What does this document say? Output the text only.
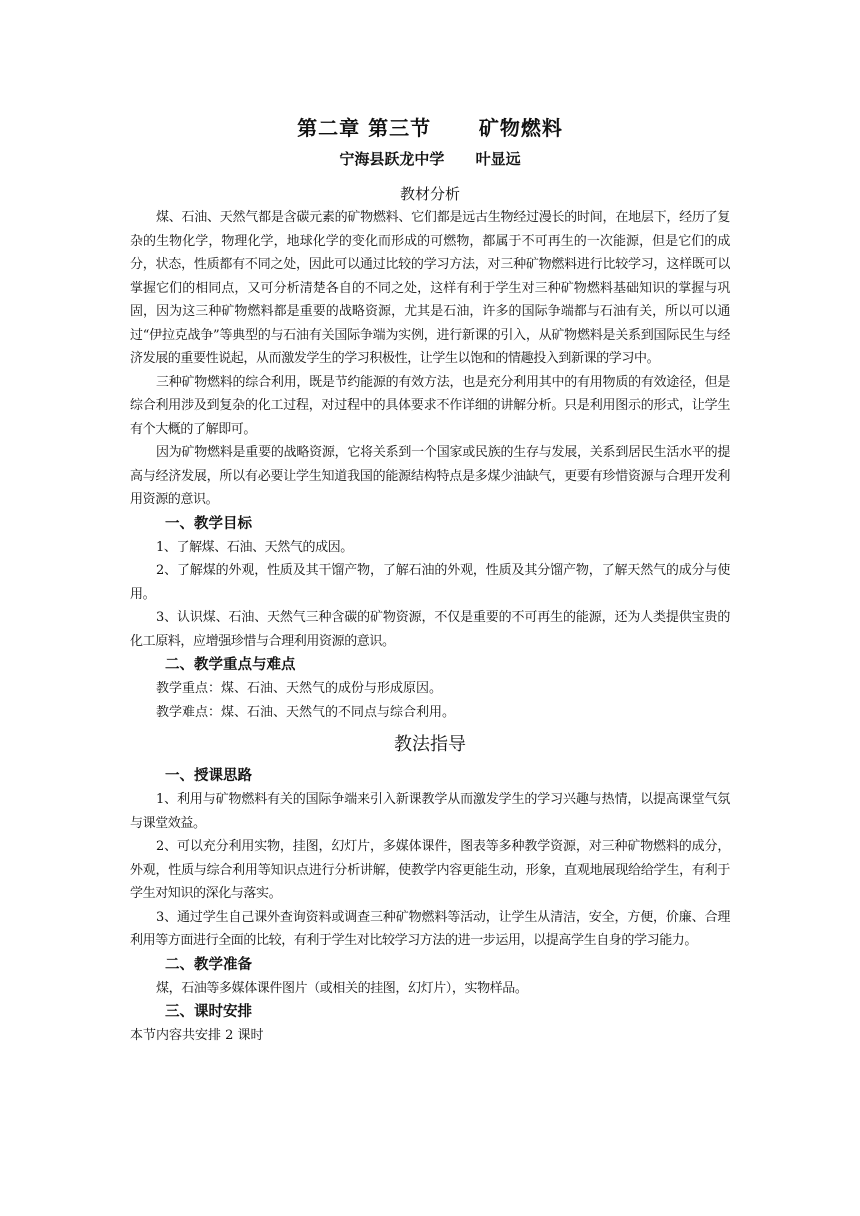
第二章 第三节      矿物燃料
宁海县跃龙中学      叶显远
教材分析

煤、石油、天然气都是含碳元素的矿物燃料、它们都是远古生物经过漫长的时间，在地层下，经历了复杂的生物化学，物理化学，地球化学的变化而形成的可燃物，都属于不可再生的一次能源，但是它们的成分，状态，性质都有不同之处，因此可以通过比较的学习方法，对三种矿物燃料进行比较学习，这样既可以掌握它们的相同点，又可分析清楚各自的不同之处，这样有利于学生对三种矿物燃料基础知识的掌握与巩固，因为这三种矿物燃料都是重要的战略资源，尤其是石油，许多的国际争端都与石油有关，所以可以通过“伊拉克战争”等典型的与石油有关国际争端为实例，进行新课的引入，从矿物燃料是关系到国际民生与经济发展的重要性说起，从而激发学生的学习积极性，让学生以饱和的情趣投入到新课的学习中。

三种矿物燃料的综合利用，既是节约能源的有效方法，也是充分利用其中的有用物质的有效途径，但是综合利用涉及到复杂的化工过程，对过程中的具体要求不作详细的讲解分析。只是利用图示的形式，让学生有个大概的了解即可。

因为矿物燃料是重要的战略资源，它将关系到一个国家或民族的生存与发展，关系到居民生活水平的提高与经济发展，所以有必要让学生知道我国的能源结构特点是多煤少油缺气，更要有珍惜资源与合理开发利用资源的意识。

一、教学目标

1、了解煤、石油、天然气的成因。

2、了解煤的外观，性质及其干馏产物，了解石油的外观，性质及其分馏产物，了解天然气的成分与使用。

3、认识煤、石油、天然气三种含碳的矿物资源，不仅是重要的不可再生的能源，还为人类提供宝贵的化工原料，应增强珍惜与合理利用资源的意识。

二、教学重点与难点

教学重点：煤、石油、天然气的成份与形成原因。

教学难点：煤、石油、天然气的不同点与综合利用。

教法指导
一、授课思路

1、利用与矿物燃料有关的国际争端来引入新课教学从而激发学生的学习兴趣与热情，以提高课堂气氛与课堂效益。

2、可以充分利用实物，挂图，幻灯片，多媒体课件，图表等多种教学资源，对三种矿物燃料的成分，外观，性质与综合利用等知识点进行分析讲解，使教学内容更能生动，形象，直观地展现给给学生，有利于学生对知识的深化与落实。

3、通过学生自己课外查询资料或调查三种矿物燃料等活动，让学生从清洁，安全，方便，价廉、合理利用等方面进行全面的比较，有利于学生对比较学习方法的进一步运用，以提高学生自身的学习能力。

二、教学准备

煤，石油等多媒体课件图片（或相关的挂图，幻灯片），实物样品。

三、课时安排

本节内容共安排 2 课时
